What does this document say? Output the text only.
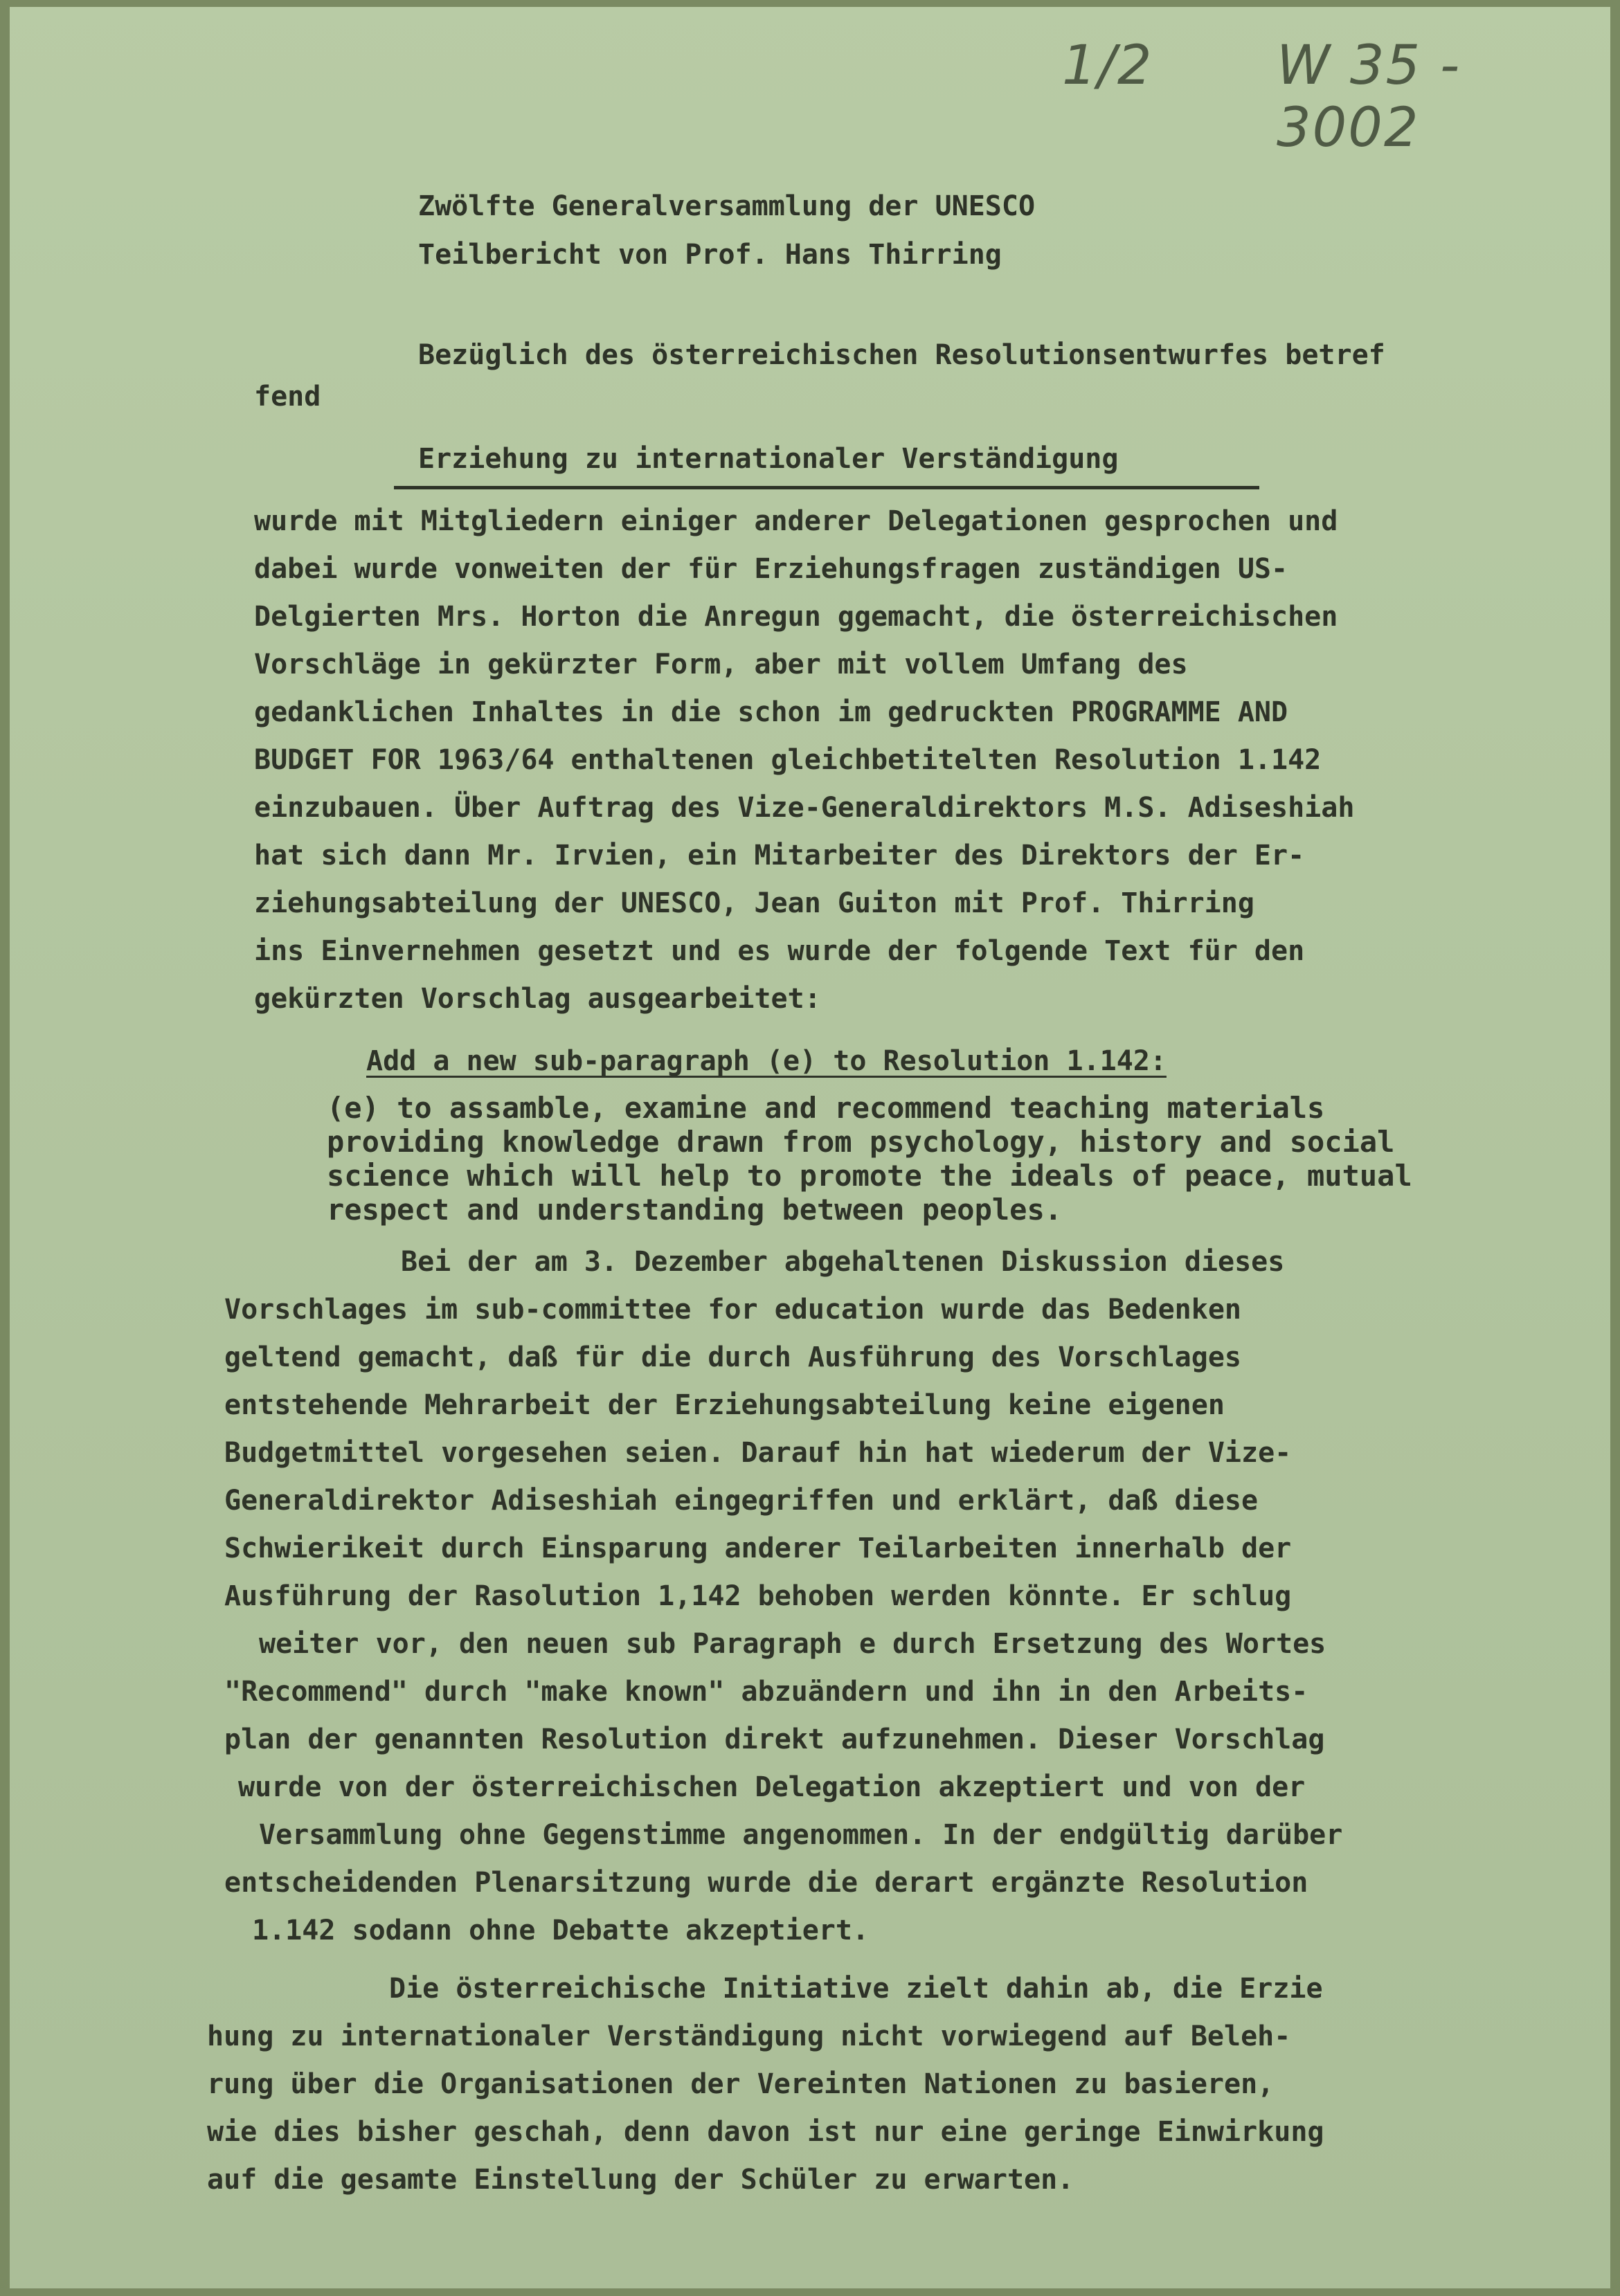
1/2 W 35 - 3002
Zwölfte Generalversammlung der UNESCO
Teilbericht von Prof. Hans Thirring
Bezüglich des österreichischen Resolutionsentwurfes betref
fend
Erziehung zu internationaler Verständigung
wurde mit Mitgliedern einiger anderer Delegationen gesprochen und
dabei wurde vonweiten der für Erziehungsfragen zuständigen US-
Delgierten Mrs. Horton die Anregun ggemacht, die österreichischen
Vorschläge in gekürzter Form, aber mit vollem Umfang des
gedanklichen Inhaltes in die schon im gedruckten PROGRAMME AND
BUDGET FOR 1963/64 enthaltenen gleichbetitelten Resolution 1.142
einzubauen. Über Auftrag des Vize-Generaldirektors M.S. Adiseshiah
hat sich dann Mr. Irvien, ein Mitarbeiter des Direktors der Er-
ziehungsabteilung der UNESCO, Jean Guiton mit Prof. Thirring
ins Einvernehmen gesetzt und es wurde der folgende Text für den
gekürzten Vorschlag ausgearbeitet:
Add a new sub-paragraph (e) to Resolution 1.142:
(e) to assamble, examine and recommend teaching materials
providing knowledge drawn from psychology, history and social
science which will help to promote the ideals of peace, mutual
respect and understanding between peoples.
Bei der am 3. Dezember abgehaltenen Diskussion dieses
Vorschlages im sub-committee for education wurde das Bedenken
geltend gemacht, daß für die durch Ausführung des Vorschlages
entstehende Mehrarbeit der Erziehungsabteilung keine eigenen
Budgetmittel vorgesehen seien. Darauf hin hat wiederum der Vize-
Generaldirektor Adiseshiah eingegriffen und erklärt, daß diese
Schwierikeit durch Einsparung anderer Teilarbeiten innerhalb der
Ausführung der Rasolution 1,142 behoben werden könnte. Er schlug
weiter vor, den neuen sub Paragraph e durch Ersetzung des Wortes
"Recommend" durch "make known" abzuändern und ihn in den Arbeits-
plan der genannten Resolution direkt aufzunehmen. Dieser Vorschlag
wurde von der österreichischen Delegation akzeptiert und von der
Versammlung ohne Gegenstimme angenommen. In der endgültig darüber
entscheidenden Plenarsitzung wurde die derart ergänzte Resolution
1.142 sodann ohne Debatte akzeptiert.
Die österreichische Initiative zielt dahin ab, die Erzie
hung zu internationaler Verständigung nicht vorwiegend auf Beleh-
rung über die Organisationen der Vereinten Nationen zu basieren,
wie dies bisher geschah, denn davon ist nur eine geringe Einwirkung
auf die gesamte Einstellung der Schüler zu erwarten.
